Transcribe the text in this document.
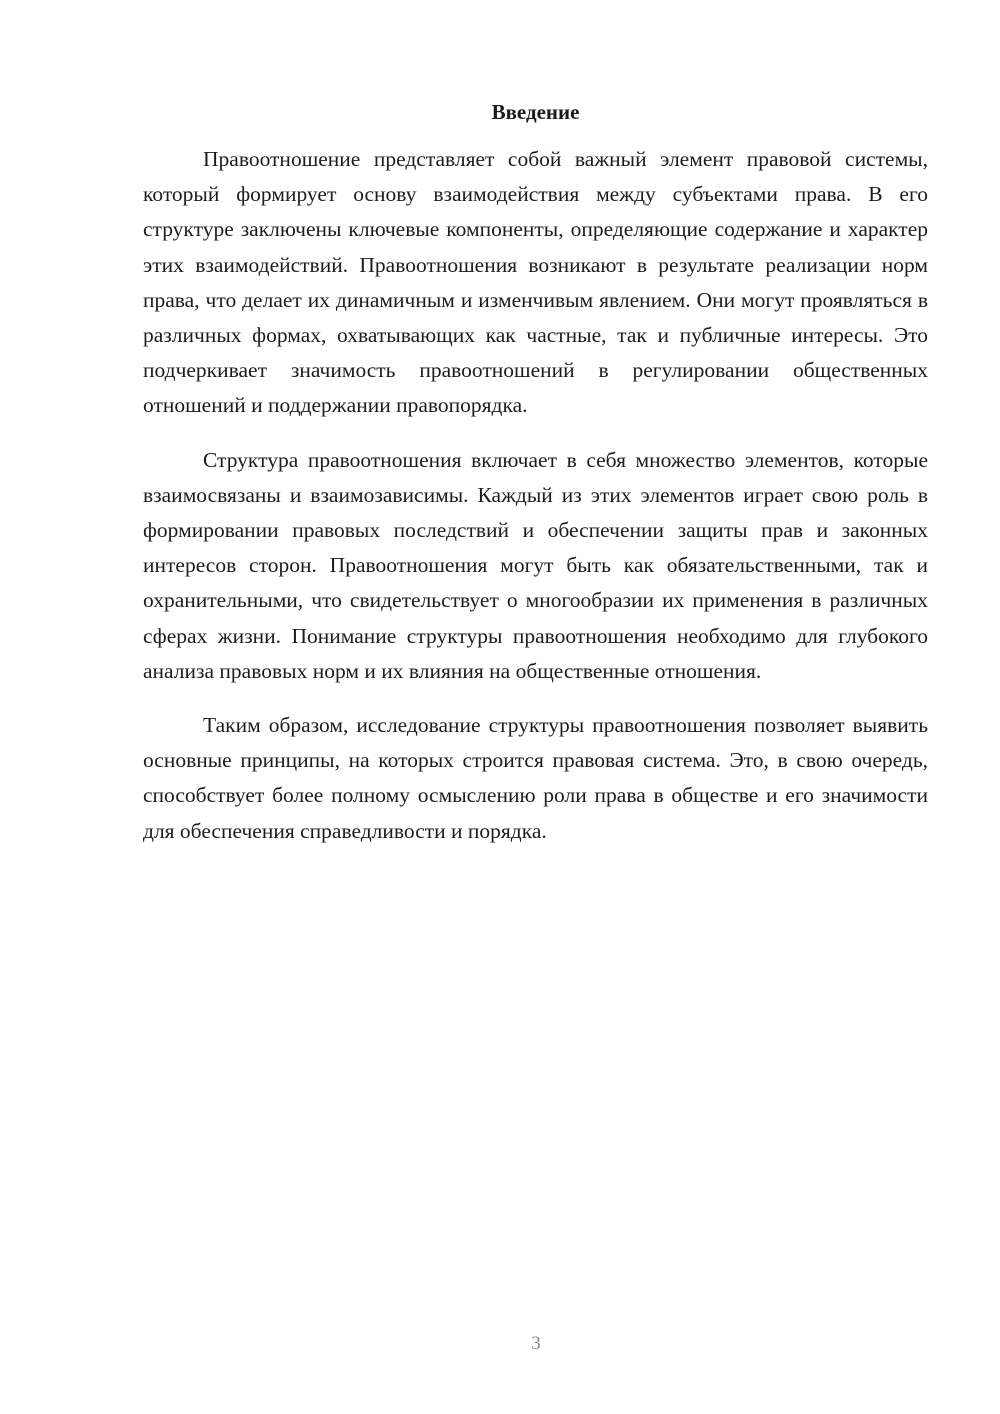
Введение

Правоотношение представляет собой важный элемент правовой системы, который формирует основу взаимодействия между субъектами права. В его структуре заключены ключевые компоненты, определяющие содержание и характер этих взаимодействий. Правоотношения возникают в результате реализации норм права, что делает их динамичным и изменчивым явлением. Они могут проявляться в различных формах, охватывающих как частные, так и публичные интересы. Это подчеркивает значимость правоотношений в регулировании общественных отношений и поддержании правопорядка.

Структура правоотношения включает в себя множество элементов, которые взаимосвязаны и взаимозависимы. Каждый из этих элементов играет свою роль в формировании правовых последствий и обеспечении защиты прав и законных интересов сторон. Правоотношения могут быть как обязательственными, так и охранительными, что свидетельствует о многообразии их применения в различных сферах жизни. Понимание структуры правоотношения необходимо для глубокого анализа правовых норм и их влияния на общественные отношения.

Таким образом, исследование структуры правоотношения позволяет выявить основные принципы, на которых строится правовая система. Это, в свою очередь, способствует более полному осмыслению роли права в обществе и его значимости для обеспечения справедливости и порядка.

3
